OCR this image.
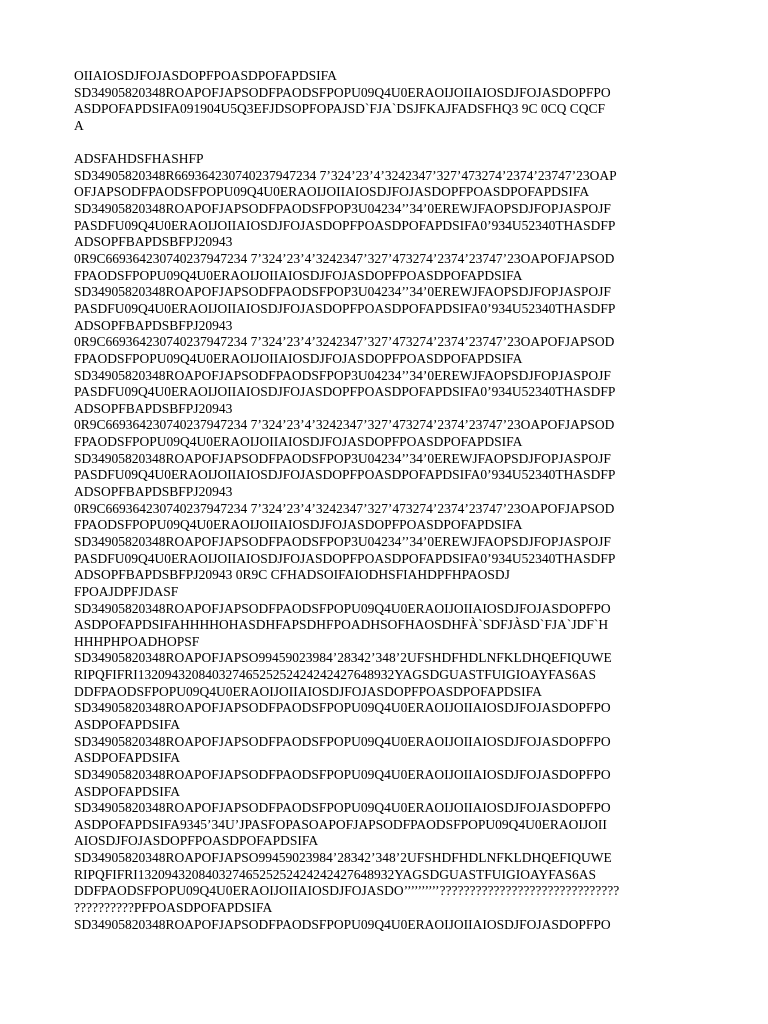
OIIAIOSDJFOJASDOPFPOASDPOFAPDSIFA
SD34905820348ROAPOFJAPSODFPAODSFPOPU09Q4U0ERAOIJOIIAIOSDJFOJASDOPFPO
ASDPOFAPDSIFA091904U5Q3EFJDSOPFOPAJSD`FJA`DSJFKAJFADSFHQ3 9C 0CQ CQCF
A
ADSFAHDSFHASHFP
SD34905820348R669364230740237947234 7’324’23’4’3242347’327’473274’2374’23747’23OAP
OFJAPSODFPAODSFPOPU09Q4U0ERAOIJOIIAIOSDJFOJASDOPFPOASDPOFAPDSIFA
SD34905820348ROAPOFJAPSODFPAODSFPOP3U04234’’34’0EREWJFAOPSDJFOPJASPOJF
PASDFU09Q4U0ERAOIJOIIAIOSDJFOJASDOPFPOASDPOFAPDSIFA0’934U52340THASDFP
ADSOPFBAPDSBFPJ20943
0R9C669364230740237947234 7’324’23’4’3242347’327’473274’2374’23747’23OAPOFJAPSOD
FPAODSFPOPU09Q4U0ERAOIJOIIAIOSDJFOJASDOPFPOASDPOFAPDSIFA
SD34905820348ROAPOFJAPSODFPAODSFPOP3U04234’’34’0EREWJFAOPSDJFOPJASPOJF
PASDFU09Q4U0ERAOIJOIIAIOSDJFOJASDOPFPOASDPOFAPDSIFA0’934U52340THASDFP
ADSOPFBAPDSBFPJ20943
0R9C669364230740237947234 7’324’23’4’3242347’327’473274’2374’23747’23OAPOFJAPSOD
FPAODSFPOPU09Q4U0ERAOIJOIIAIOSDJFOJASDOPFPOASDPOFAPDSIFA
SD34905820348ROAPOFJAPSODFPAODSFPOP3U04234’’34’0EREWJFAOPSDJFOPJASPOJF
PASDFU09Q4U0ERAOIJOIIAIOSDJFOJASDOPFPOASDPOFAPDSIFA0’934U52340THASDFP
ADSOPFBAPDSBFPJ20943
0R9C669364230740237947234 7’324’23’4’3242347’327’473274’2374’23747’23OAPOFJAPSOD
FPAODSFPOPU09Q4U0ERAOIJOIIAIOSDJFOJASDOPFPOASDPOFAPDSIFA
SD34905820348ROAPOFJAPSODFPAODSFPOP3U04234’’34’0EREWJFAOPSDJFOPJASPOJF
PASDFU09Q4U0ERAOIJOIIAIOSDJFOJASDOPFPOASDPOFAPDSIFA0’934U52340THASDFP
ADSOPFBAPDSBFPJ20943
0R9C669364230740237947234 7’324’23’4’3242347’327’473274’2374’23747’23OAPOFJAPSOD
FPAODSFPOPU09Q4U0ERAOIJOIIAIOSDJFOJASDOPFPOASDPOFAPDSIFA
SD34905820348ROAPOFJAPSODFPAODSFPOP3U04234’’34’0EREWJFAOPSDJFOPJASPOJF
PASDFU09Q4U0ERAOIJOIIAIOSDJFOJASDOPFPOASDPOFAPDSIFA0’934U52340THASDFP
ADSOPFBAPDSBFPJ20943 0R9C CFHADSOIFAIODHSFIAHDPFHPAOSDJ
FPOAJDPFJDASF
SD34905820348ROAPOFJAPSODFPAODSFPOPU09Q4U0ERAOIJOIIAIOSDJFOJASDOPFPO
ASDPOFAPDSIFAHHHHOHASDHFAPSDHFPOADHSOFHAOSDHFÀ`SDFJÀSD`FJA`JDF`H
HHHPHPOADHOPSF
SD34905820348ROAPOFJAPSO99459023984’28342’348’2UFSHDFHDLNFKLDHQEFIQUWE
RIPQFIFRI13209432084032746525252424242427648932YAGSDGUASTFUIGIOAYFAS6AS
DDFPAODSFPOPU09Q4U0ERAOIJOIIAIOSDJFOJASDOPFPOASDPOFAPDSIFA
SD34905820348ROAPOFJAPSODFPAODSFPOPU09Q4U0ERAOIJOIIAIOSDJFOJASDOPFPO
ASDPOFAPDSIFA
SD34905820348ROAPOFJAPSODFPAODSFPOPU09Q4U0ERAOIJOIIAIOSDJFOJASDOPFPO
ASDPOFAPDSIFA
SD34905820348ROAPOFJAPSODFPAODSFPOPU09Q4U0ERAOIJOIIAIOSDJFOJASDOPFPO
ASDPOFAPDSIFA
SD34905820348ROAPOFJAPSODFPAODSFPOPU09Q4U0ERAOIJOIIAIOSDJFOJASDOPFPO
ASDPOFAPDSIFA9345’34U’JPASFOPASOAPOFJAPSODFPAODSFPOPU09Q4U0ERAOIJOII
AIOSDJFOJASDOPFPOASDPOFAPDSIFA
SD34905820348ROAPOFJAPSO99459023984’28342’348’2UFSHDFHDLNFKLDHQEFIQUWE
RIPQFIFRI13209432084032746525252424242427648932YAGSDGUASTFUIGIOAYFAS6AS
DDFPAODSFPOPU09Q4U0ERAOIJOIIAIOSDJFOJASDO’’’’’’’’’’??????????????????????????????
??????????PFPOASDPOFAPDSIFA
SD34905820348ROAPOFJAPSODFPAODSFPOPU09Q4U0ERAOIJOIIAIOSDJFOJASDOPFPO
